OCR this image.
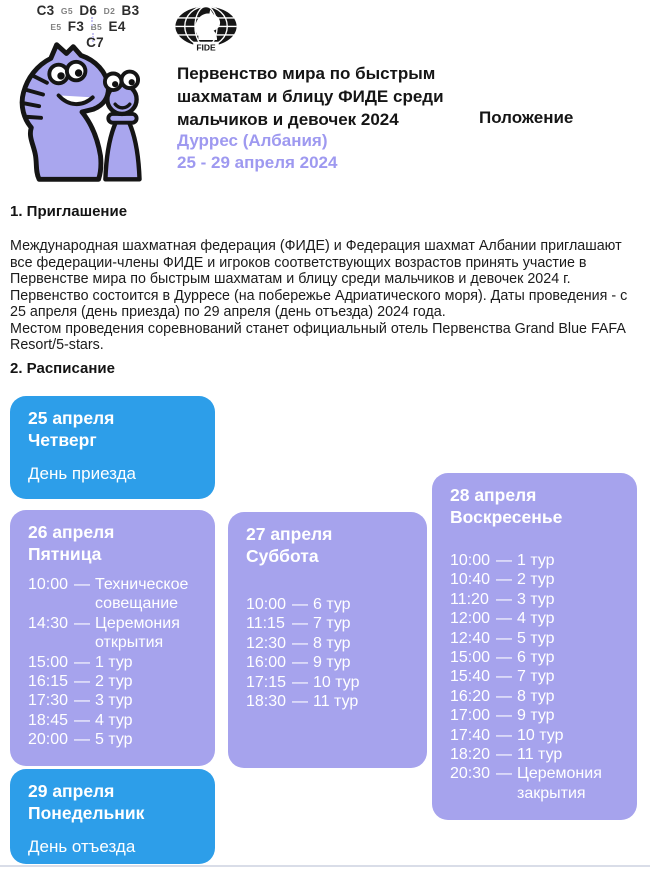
C3 G5 D6 D2 B3
E5 F3 B5 E4
C7	FIDE
Первенство мира по быстрым
шахматам и блицу ФИДЕ среди
мальчиков и девочек 2024	Положение
Дуррес (Албания)
25 - 29 апреля 2024
1. Приглашение
Международная шахматная федерация (ФИДЕ) и Федерация шахмат Албании приглашают
все федерации-члены ФИДЕ и игроков соответствующих возрастов принять участие в
Первенстве мира по быстрым шахматам и блицу среди мальчиков и девочек 2024 г.
Первенство состоится в Дурресе (на побережье Адриатического моря). Даты проведения - с
25 апреля (день приезда) по 29 апреля (день отъезда) 2024 года.
Местом проведения соревнований станет официальный отель Первенства Grand Blue FAFA
Resort/5-stars.
2. Расписание
25 апреля
Четверг
День приезда
26 апреля
Пятница
10:00 — Техническое совещание
14:30 — Церемония открытия
15:00 — 1 тур
16:15 — 2 тур
17:30 — 3 тур
18:45 — 4 тур
20:00 — 5 тур
27 апреля
Суббота
10:00 — 6 тур
11:15 — 7 тур
12:30 — 8 тур
16:00 — 9 тур
17:15 — 10 тур
18:30 — 11 тур
28 апреля
Воскресенье
10:00 — 1 тур
10:40 — 2 тур
11:20 — 3 тур
12:00 — 4 тур
12:40 — 5 тур
15:00 — 6 тур
15:40 — 7 тур
16:20 — 8 тур
17:00 — 9 тур
17:40 — 10 тур
18:20 — 11 тур
20:30 — Церемония закрытия
29 апреля
Понедельник
День отъезда
